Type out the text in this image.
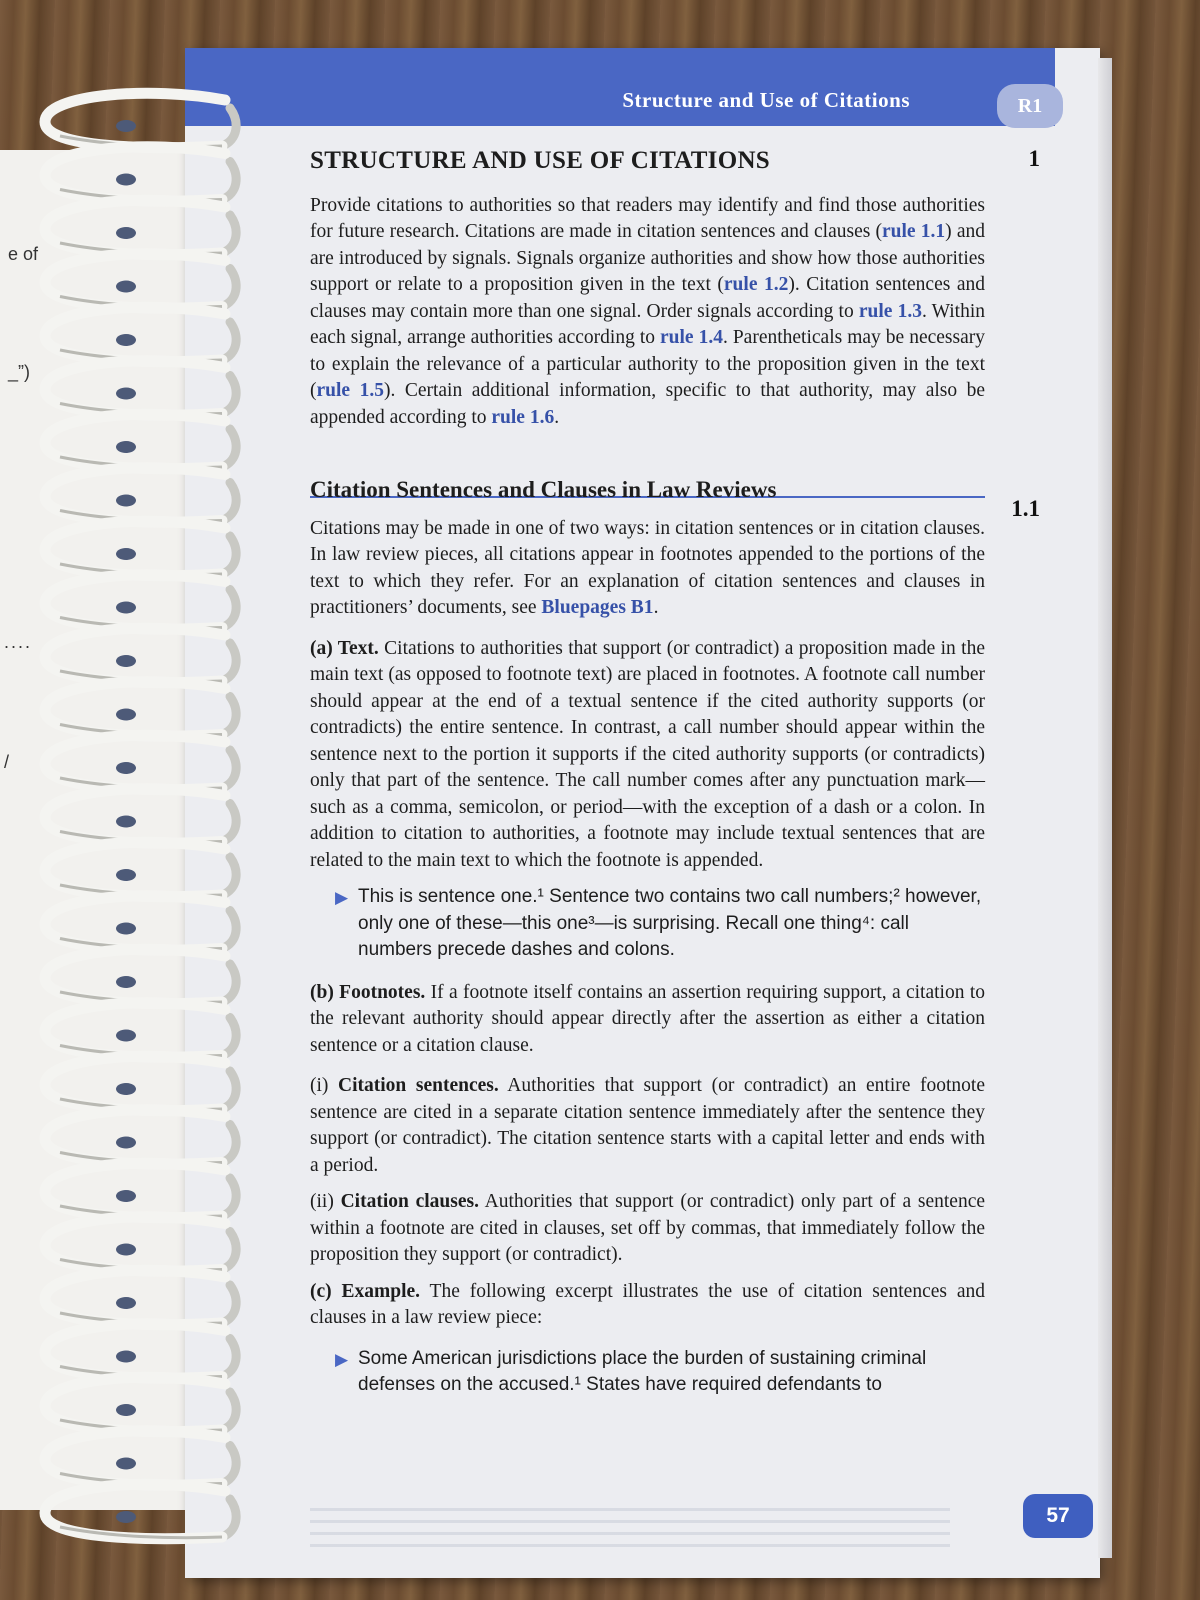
e of
_”)
....
/
Structure and Use of Citations	R1
1
1.1
STRUCTURE AND USE OF CITATIONS

Provide citations to authorities so that readers may identify and find those authorities for future research. Citations are made in citation sentences and clauses (rule 1.1) and are introduced by signals. Signals organize authorities and show how those authorities support or relate to a proposition given in the text (rule 1.2). Citation sentences and clauses may contain more than one signal. Order signals according to rule 1.3. Within each signal, arrange authorities according to rule 1.4. Parentheticals may be necessary to explain the relevance of a particular authority to the proposition given in the text (rule 1.5). Certain additional information, specific to that authority, may also be appended according to rule 1.6.

Citation Sentences and Clauses in Law Reviews

Citations may be made in one of two ways: in citation sentences or in citation clauses. In law review pieces, all citations appear in footnotes appended to the portions of the text to which they refer. For an explanation of citation sentences and clauses in practitioners’ documents, see Bluepages B1.

(a) Text. Citations to authorities that support (or contradict) a proposition made in the main text (as opposed to footnote text) are placed in footnotes. A footnote call number should appear at the end of a textual sentence if the cited authority supports (or contradicts) the entire sentence. In contrast, a call number should appear within the sentence next to the portion it supports if the cited authority supports (or contradicts) only that part of the sentence. The call number comes after any punctuation mark—such as a comma, semicolon, or period—with the exception of a dash or a colon. In addition to citation to authorities, a footnote may include textual sentences that are related to the main text to which the footnote is appended.

▶ This is sentence one.¹ Sentence two contains two call numbers;² however, only one of these—this one³—is surprising. Recall one thing⁴: call numbers precede dashes and colons.

(b) Footnotes. If a footnote itself contains an assertion requiring support, a citation to the relevant authority should appear directly after the assertion as either a citation sentence or a citation clause.

(i) Citation sentences. Authorities that support (or contradict) an entire footnote sentence are cited in a separate citation sentence immediately after the sentence they support (or contradict). The citation sentence starts with a capital letter and ends with a period.

(ii) Citation clauses. Authorities that support (or contradict) only part of a sentence within a footnote are cited in clauses, set off by commas, that immediately follow the proposition they support (or contradict).

(c) Example. The following excerpt illustrates the use of citation sentences and clauses in a law review piece:

▶ Some American jurisdictions place the burden of sustaining criminal defenses on the accused.¹ States have required defendants to
57
